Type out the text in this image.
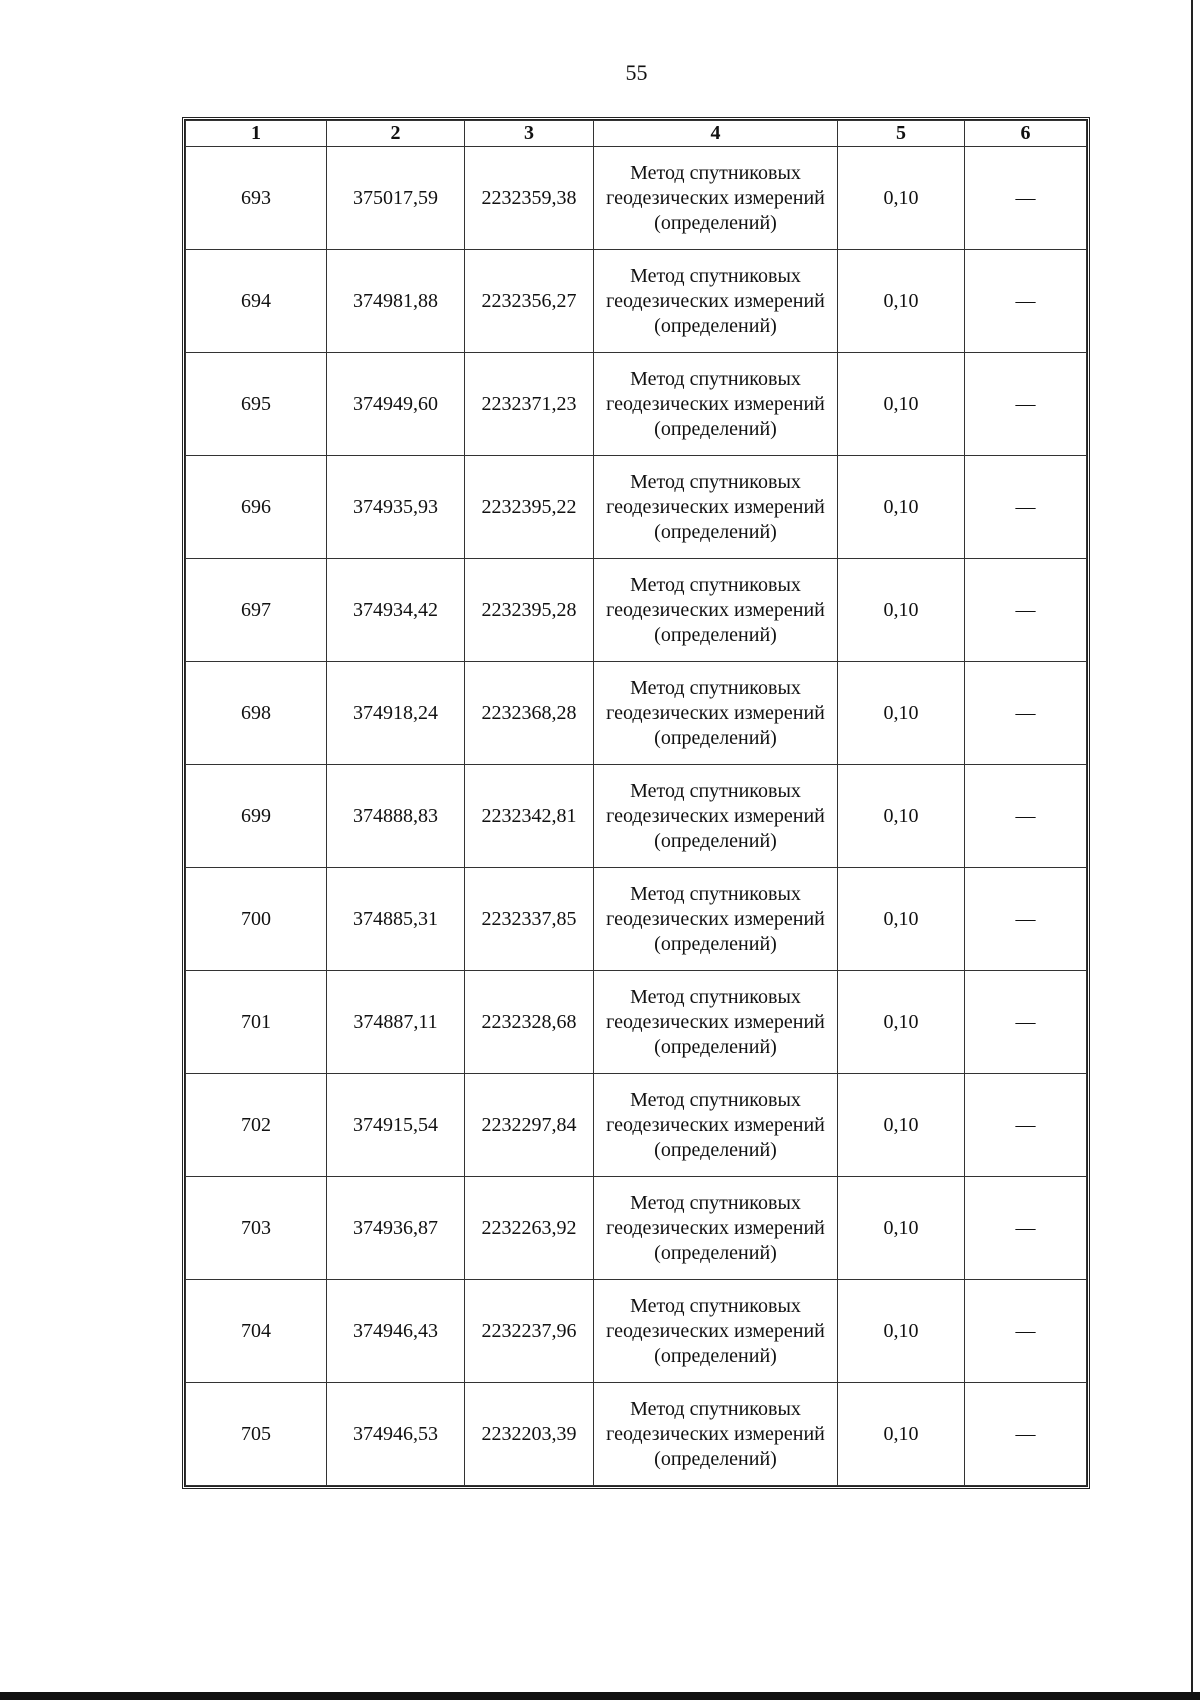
55
1	2	3	4	5	6
693	375017,59	2232359,38	Метод спутниковых геодезических измерений (определений)	0,10	—
694	374981,88	2232356,27	Метод спутниковых геодезических измерений (определений)	0,10	—
695	374949,60	2232371,23	Метод спутниковых геодезических измерений (определений)	0,10	—
696	374935,93	2232395,22	Метод спутниковых геодезических измерений (определений)	0,10	—
697	374934,42	2232395,28	Метод спутниковых геодезических измерений (определений)	0,10	—
698	374918,24	2232368,28	Метод спутниковых геодезических измерений (определений)	0,10	—
699	374888,83	2232342,81	Метод спутниковых геодезических измерений (определений)	0,10	—
700	374885,31	2232337,85	Метод спутниковых геодезических измерений (определений)	0,10	—
701	374887,11	2232328,68	Метод спутниковых геодезических измерений (определений)	0,10	—
702	374915,54	2232297,84	Метод спутниковых геодезических измерений (определений)	0,10	—
703	374936,87	2232263,92	Метод спутниковых геодезических измерений (определений)	0,10	—
704	374946,43	2232237,96	Метод спутниковых геодезических измерений (определений)	0,10	—
705	374946,53	2232203,39	Метод спутниковых геодезических измерений (определений)	0,10	—
